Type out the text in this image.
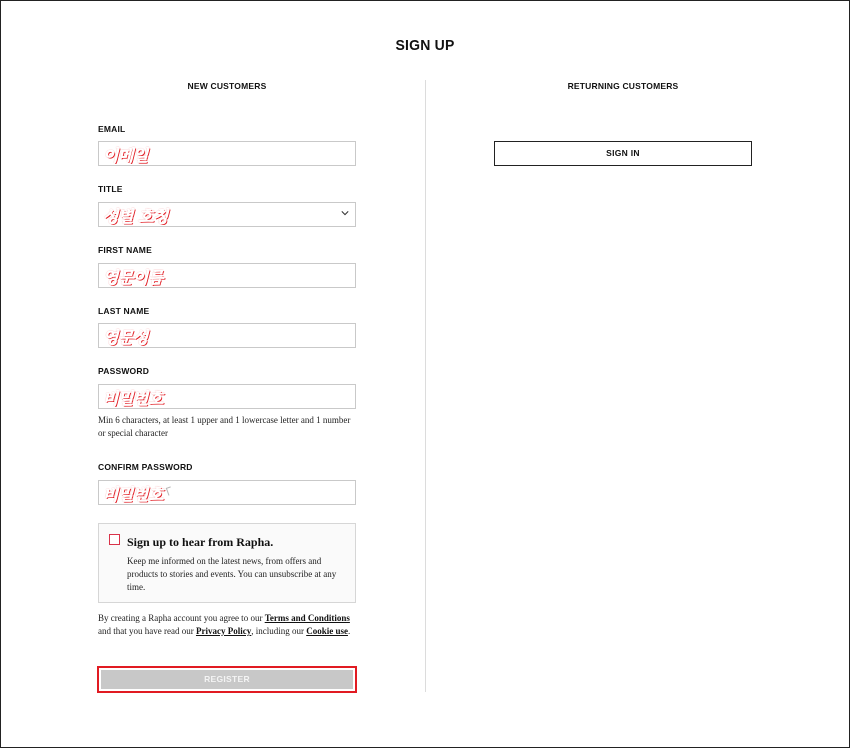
SIGN UP
NEW CUSTOMERS	RETURNING CUSTOMERS
EMAIL
이메일
TITLE
성별 호칭
FIRST NAME
영문이름
LAST NAME
영문성
PASSWORD
비밀번호
Min 6 characters, at least 1 upper and 1 lowercase letter and 1 number or special character
CONFIRM PASSWORD
비밀번호
Sign up to hear from Rapha.
Keep me informed on the latest news, from offers and products to stories and events. You can unsubscribe at any time.
By creating a Rapha account you agree to our Terms and Conditions
and that you have read our Privacy Policy, including our Cookie use.
REGISTER
SIGN IN
